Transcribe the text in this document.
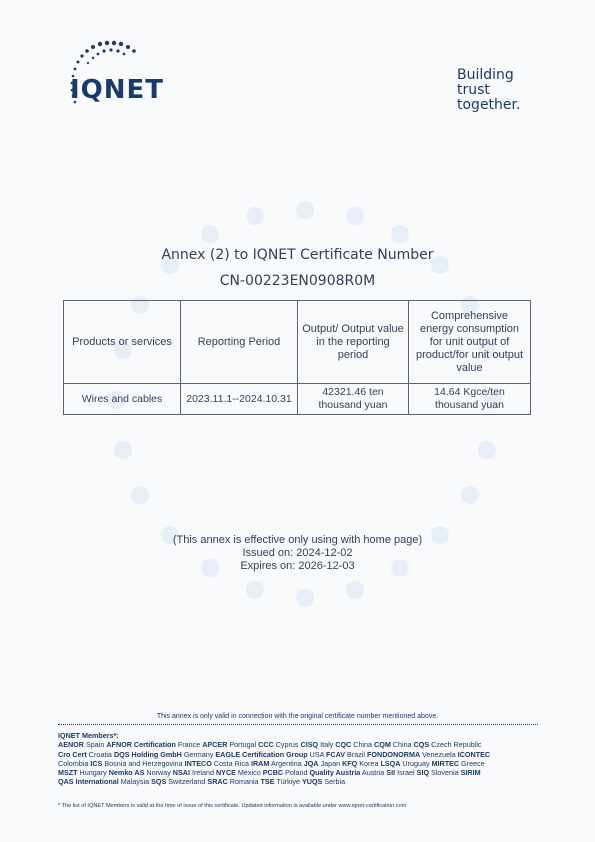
IQNET	Building
trust
together.
Annex (2) to IQNET Certificate Number
CN-00223EN0908R0M
Products or services	Reporting Period	Output/ Output value in the reporting period	Comprehensive energy consumption for unit output of product/for unit output value
Wires and cables	2023.11.1--2024.10.31	42321.46 ten thousand yuan	14.64 Kgce/ten thousand yuan
(This annex is effective only using with home page)
Issued on: 2024-12-02
Expires on: 2026-12-03
This annex is only valid in connection with the original certificate number mentioned above.
IQNET Members*:
AENOR Spain AFNOR Certification France APCER Portugal CCC Cyprus CISQ Italy CQC China CQM China CQS Czech Republic
Cro Cert Croatia DQS Holding GmbH Germany EAGLE Certification Group USA FCAV Brazil FONDONORMA Venezuela ICONTEC
Colombia ICS Bosnia and Herzegovina INTECO Costa Rica IRAM Argentina JQA Japan KFQ Korea LSQA Uruguay MIRTEC Greece
MSZT Hungary Nemko AS Norway NSAI Ireland NYCE México PCBC Poland Quality Austria Austria SII Israel SIQ Slovenia SIRIM
QAS International Malaysia SQS Switzerland SRAC Romania TSE Türkiye YUQS Serbia
* The list of IQNET Members is valid at the time of issue of this certificate. Updated information is available under www.iqnet-certification.com
